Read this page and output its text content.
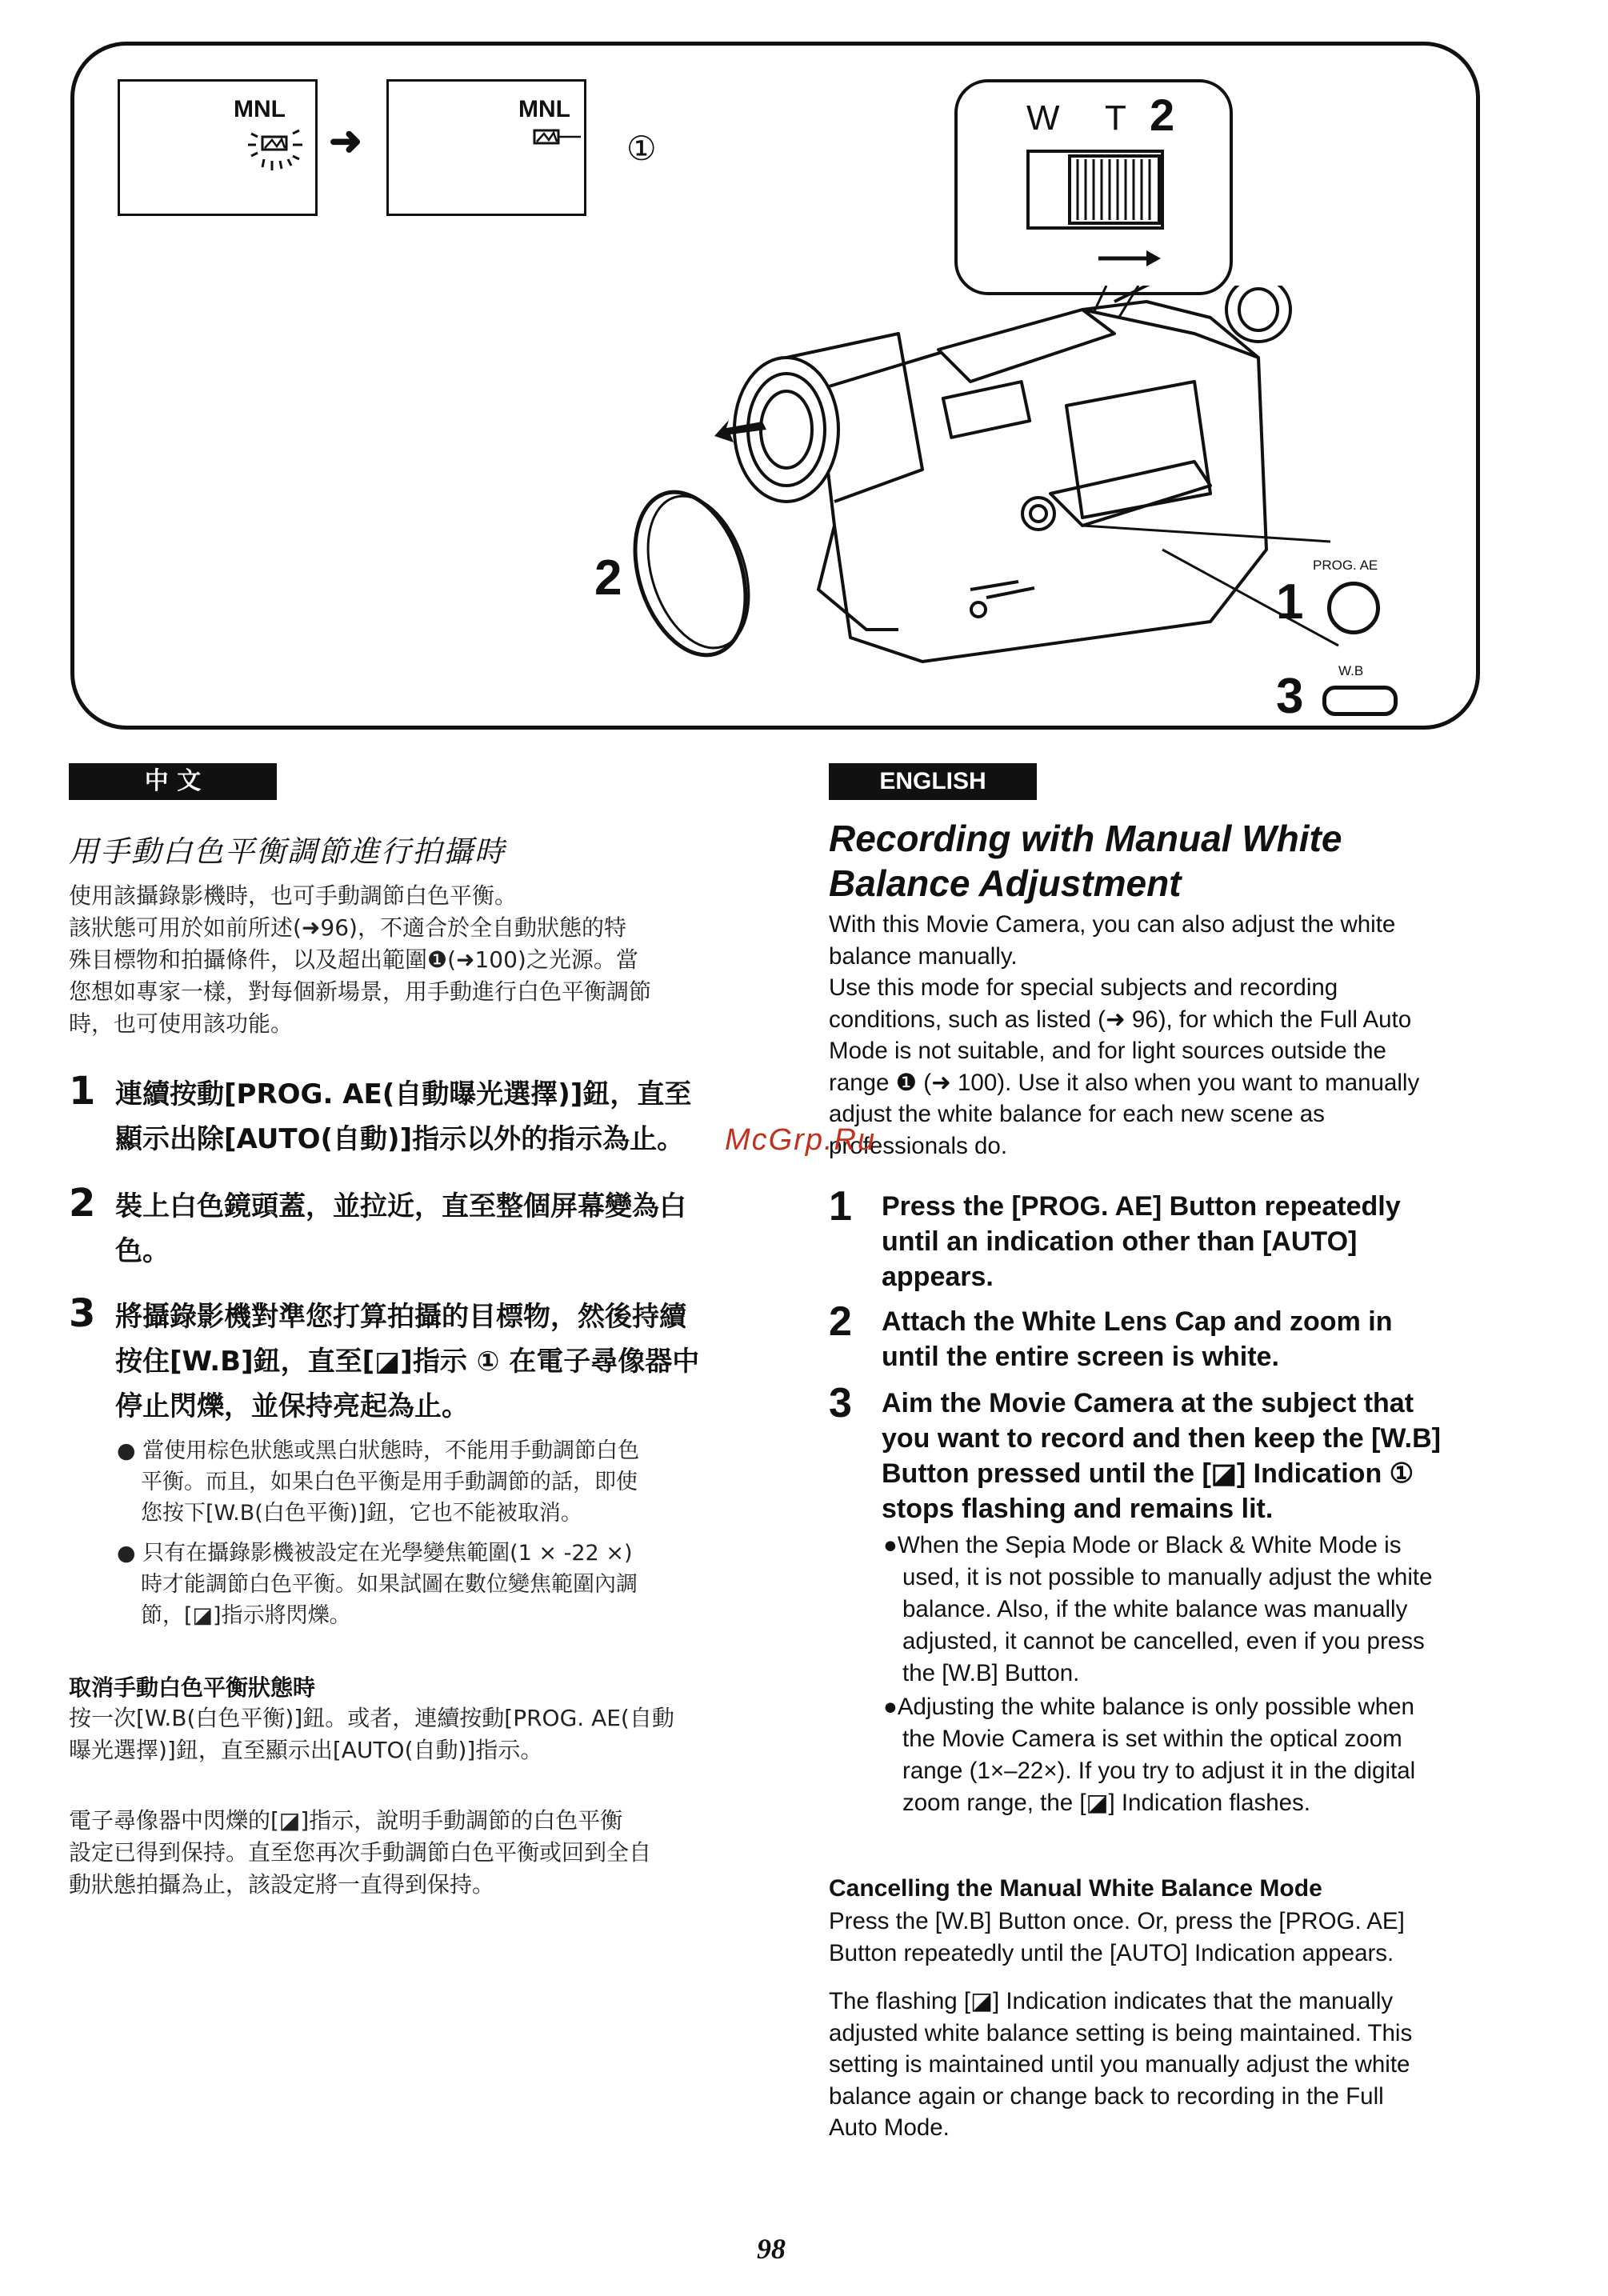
MNL
➜
MNL
①
W T 2
2	PROG. AE
1
W.B
3
中 文
用手動白色平衡調節進行拍攝時
使用該攝錄影機時，也可手動調節白色平衡。
該狀態可用於如前所述(➜96)，不適合於全自動狀態的特
殊目標物和拍攝條件，以及超出範圍❶(➜100)之光源。當
您想如專家一樣，對每個新場景，用手動進行白色平衡調節
時，也可使用該功能。
1 連續按動[PROG. AE(自動曝光選擇)]鈕，直至
顯示出除[AUTO(自動)]指示以外的指示為止。
2 裝上白色鏡頭蓋，並拉近，直至整個屏幕變為白
色。
3 將攝錄影機對準您打算拍攝的目標物，然後持續
按住[W.B]鈕，直至[◪]指示 ① 在電子尋像器中
停止閃爍，並保持亮起為止。
● 當使用棕色狀態或黑白狀態時，不能用手動調節白色
平衡。而且，如果白色平衡是用手動調節的話，即使
您按下[W.B(白色平衡)]鈕，它也不能被取消。
● 只有在攝錄影機被設定在光學變焦範圍(1 × -22 ×)
時才能調節白色平衡。如果試圖在數位變焦範圍內調
節，[◪]指示將閃爍。
取消手動白色平衡狀態時
按一次[W.B(白色平衡)]鈕。或者，連續按動[PROG. AE(自動
曝光選擇)]鈕，直至顯示出[AUTO(自動)]指示。
電子尋像器中閃爍的[◪]指示，說明手動調節的白色平衡
設定已得到保持。直至您再次手動調節白色平衡或回到全自
動狀態拍攝為止，該設定將一直得到保持。
ENGLISH
Recording with Manual White
Balance Adjustment
With this Movie Camera, you can also adjust the white
balance manually.
Use this mode for special subjects and recording
conditions, such as listed (➜ 96), for which the Full Auto
Mode is not suitable, and for light sources outside the
range ❶ (➜ 100). Use it also when you want to manually
adjust the white balance for each new scene as
professionals do.
McGrp.Ru
1 Press the [PROG. AE] Button repeatedly
until an indication other than [AUTO]
appears.
2 Attach the White Lens Cap and zoom in
until the entire screen is white.
3 Aim the Movie Camera at the subject that
you want to record and then keep the [W.B]
Button pressed until the [◪] Indication ①
stops flashing and remains lit.
●When the Sepia Mode or Black & White Mode is
used, it is not possible to manually adjust the white
balance. Also, if the white balance was manually
adjusted, it cannot be cancelled, even if you press
the [W.B] Button.
●Adjusting the white balance is only possible when
the Movie Camera is set within the optical zoom
range (1×–22×). If you try to adjust it in the digital
zoom range, the [◪] Indication flashes.
Cancelling the Manual White Balance Mode
Press the [W.B] Button once. Or, press the [PROG. AE]
Button repeatedly until the [AUTO] Indication appears.
The flashing [◪] Indication indicates that the manually
adjusted white balance setting is being maintained. This
setting is maintained until you manually adjust the white
balance again or change back to recording in the Full
Auto Mode.
98
